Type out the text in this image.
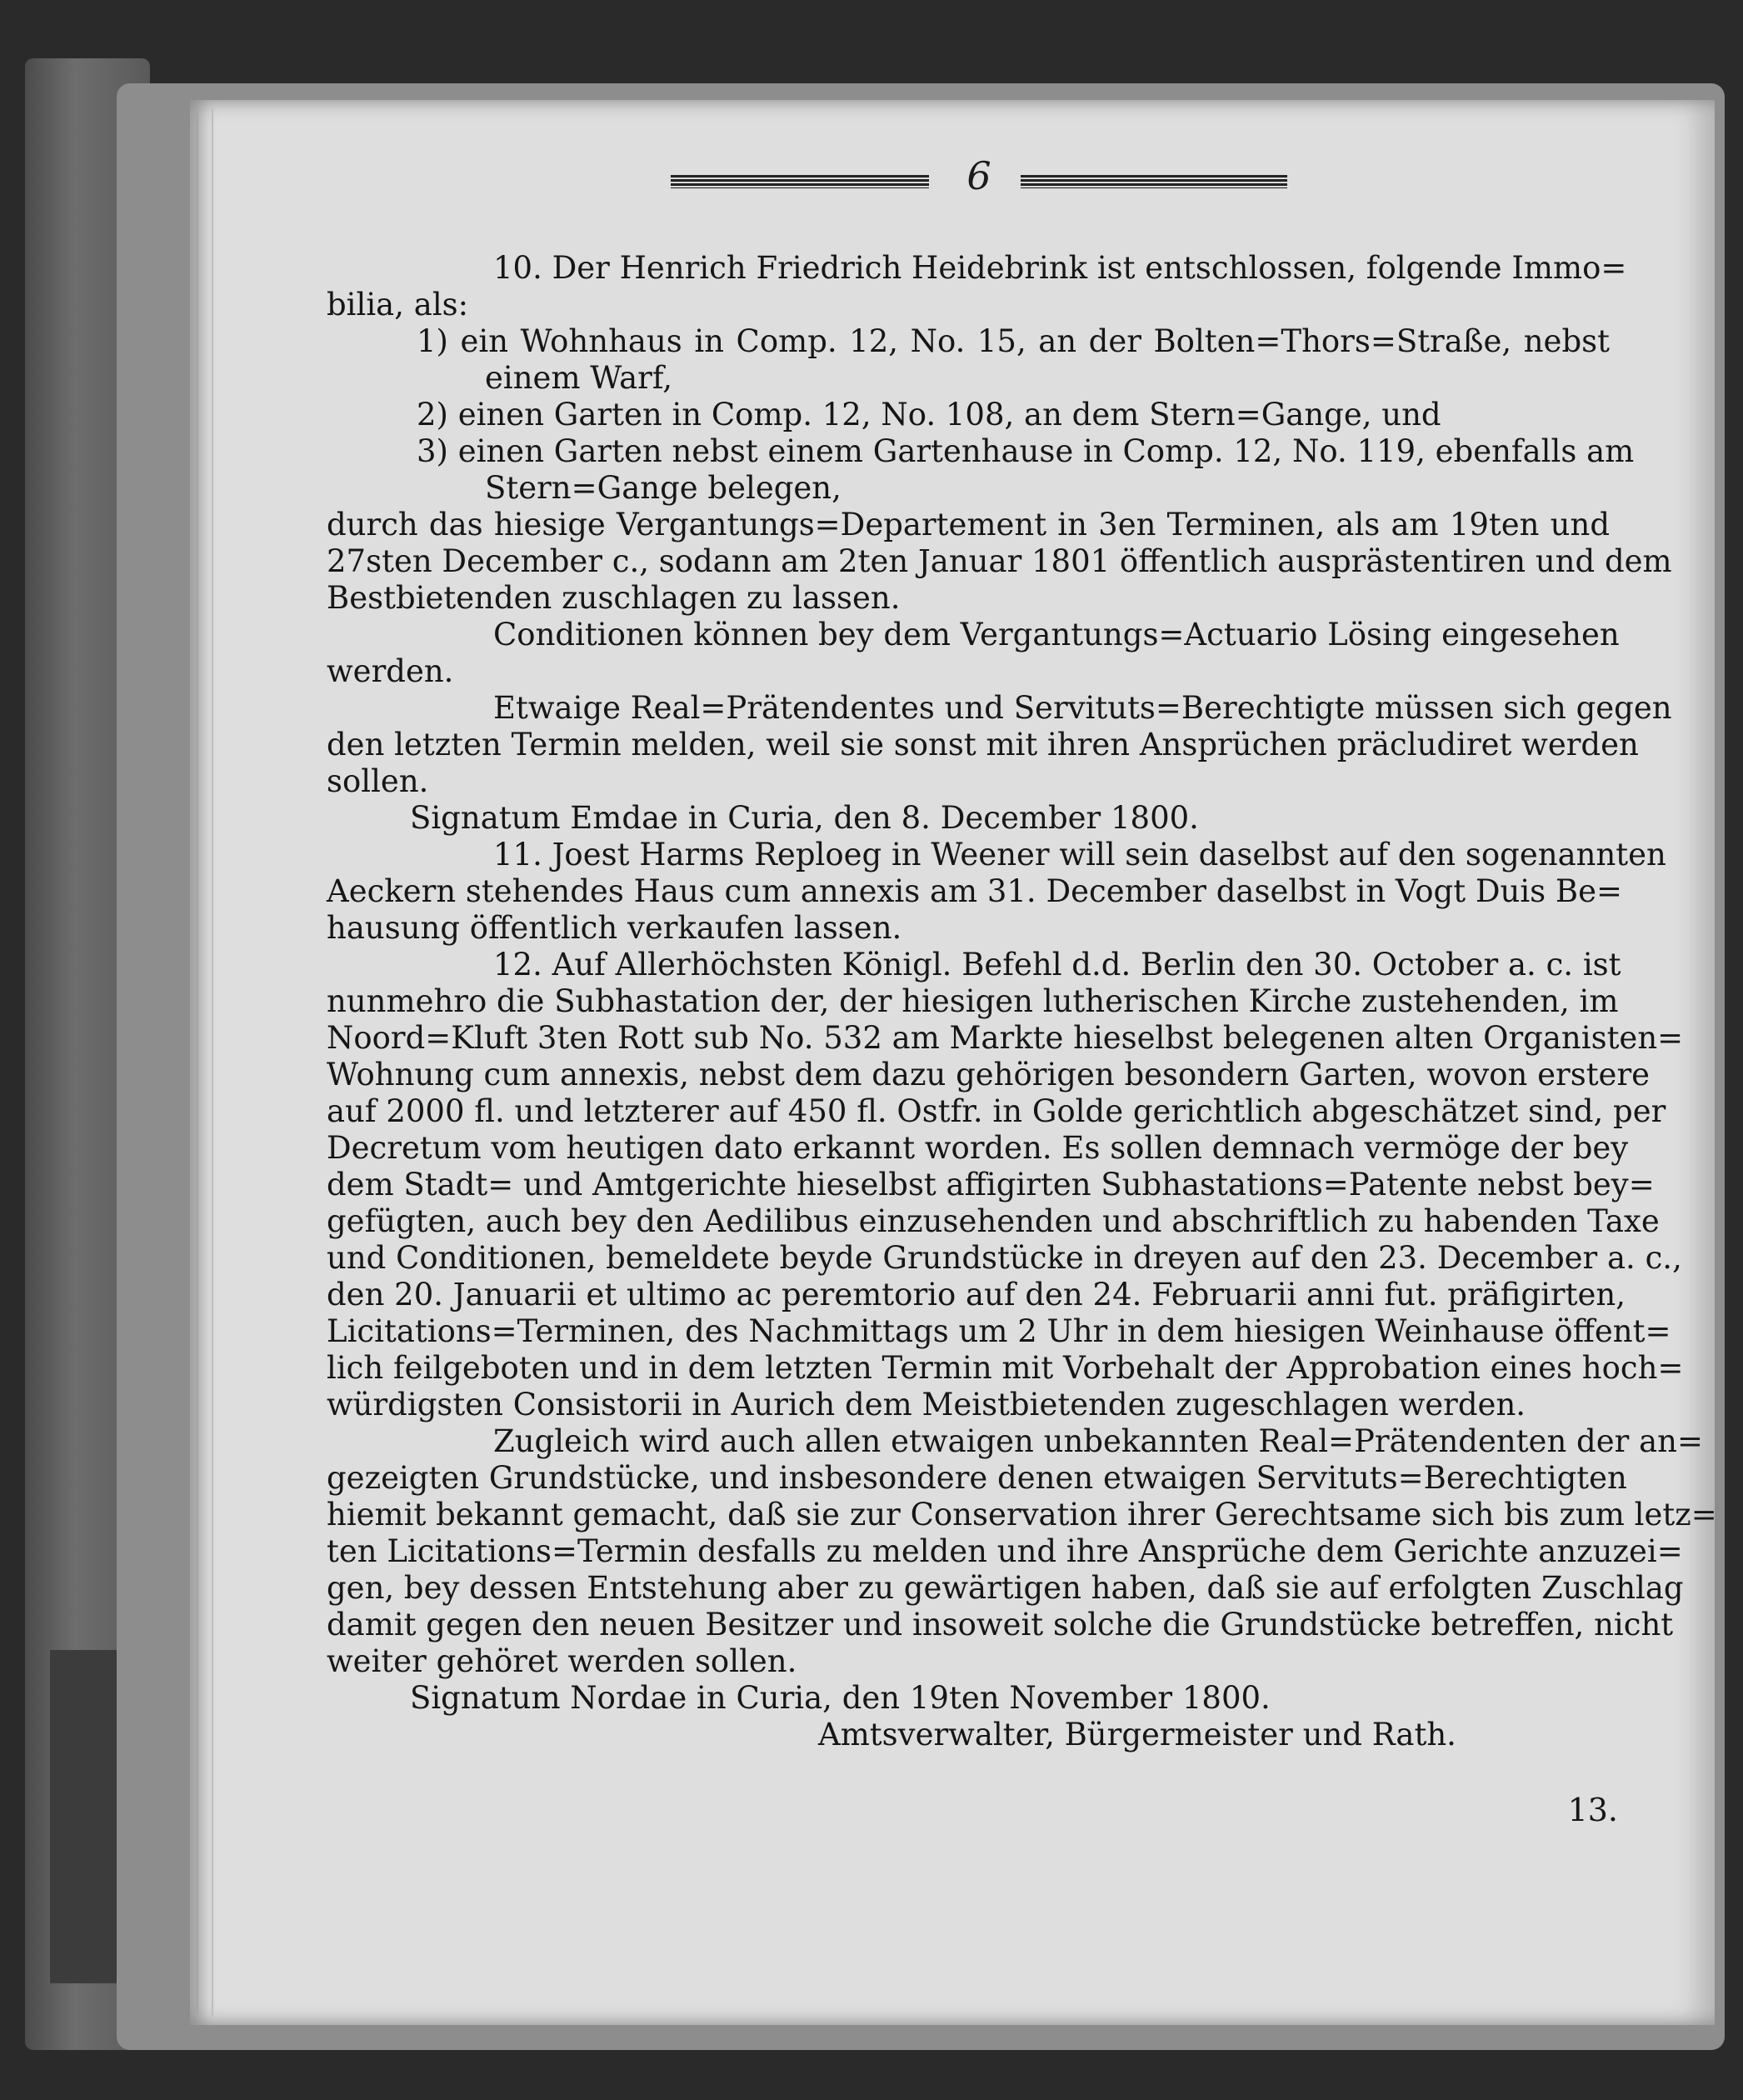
6
10. Der Henrich Friedrich Heidebrink ist entschlossen, folgende Immo=
bilia, als:
1) ein Wohnhaus in Comp. 12, No. 15, an der Bolten=Thors=Straße, nebst
einem Warf,
2) einen Garten in Comp. 12, No. 108, an dem Stern=Gange, und
3) einen Garten nebst einem Gartenhause in Comp. 12, No. 119, ebenfalls am
Stern=Gange belegen,
durch das hiesige Vergantungs=Departement in 3en Terminen, als am 19ten und
27sten December c., sodann am 2ten Januar 1801 öffentlich ausprästentiren und dem
Bestbietenden zuschlagen zu lassen.
Conditionen können bey dem Vergantungs=Actuario Lösing eingesehen
werden.
Etwaige Real=Prätendentes und Servituts=Berechtigte müssen sich gegen
den letzten Termin melden, weil sie sonst mit ihren Ansprüchen präcludiret werden
sollen.
Signatum Emdae in Curia, den 8. December 1800.
11. Joest Harms Reploeg in Weener will sein daselbst auf den sogenannten
Aeckern stehendes Haus cum annexis am 31. December daselbst in Vogt Duis Be=
hausung öffentlich verkaufen lassen.
12. Auf Allerhöchsten Königl. Befehl d.d. Berlin den 30. October a. c. ist
nunmehro die Subhastation der, der hiesigen lutherischen Kirche zustehenden, im
Noord=Kluft 3ten Rott sub No. 532 am Markte hieselbst belegenen alten Organisten=
Wohnung cum annexis, nebst dem dazu gehörigen besondern Garten, wovon erstere
auf 2000 fl. und letzterer auf 450 fl. Ostfr. in Golde gerichtlich abgeschätzet sind, per
Decretum vom heutigen dato erkannt worden. Es sollen demnach vermöge der bey
dem Stadt= und Amtgerichte hieselbst affigirten Subhastations=Patente nebst bey=
gefügten, auch bey den Aedilibus einzusehenden und abschriftlich zu habenden Taxe
und Conditionen, bemeldete beyde Grundstücke in dreyen auf den 23. December a. c.,
den 20. Januarii et ultimo ac peremtorio auf den 24. Februarii anni fut. präfigirten,
Licitations=Terminen, des Nachmittags um 2 Uhr in dem hiesigen Weinhause öffent=
lich feilgeboten und in dem letzten Termin mit Vorbehalt der Approbation eines hoch=
würdigsten Consistorii in Aurich dem Meistbietenden zugeschlagen werden.
Zugleich wird auch allen etwaigen unbekannten Real=Prätendenten der an=
gezeigten Grundstücke, und insbesondere denen etwaigen Servituts=Berechtigten
hiemit bekannt gemacht, daß sie zur Conservation ihrer Gerechtsame sich bis zum letz=
ten Licitations=Termin desfalls zu melden und ihre Ansprüche dem Gerichte anzuzei=
gen, bey dessen Entstehung aber zu gewärtigen haben, daß sie auf erfolgten Zuschlag
damit gegen den neuen Besitzer und insoweit solche die Grundstücke betreffen, nicht
weiter gehöret werden sollen.
Signatum Nordae in Curia, den 19ten November 1800.
Amtsverwalter, Bürgermeister und Rath.
13.
